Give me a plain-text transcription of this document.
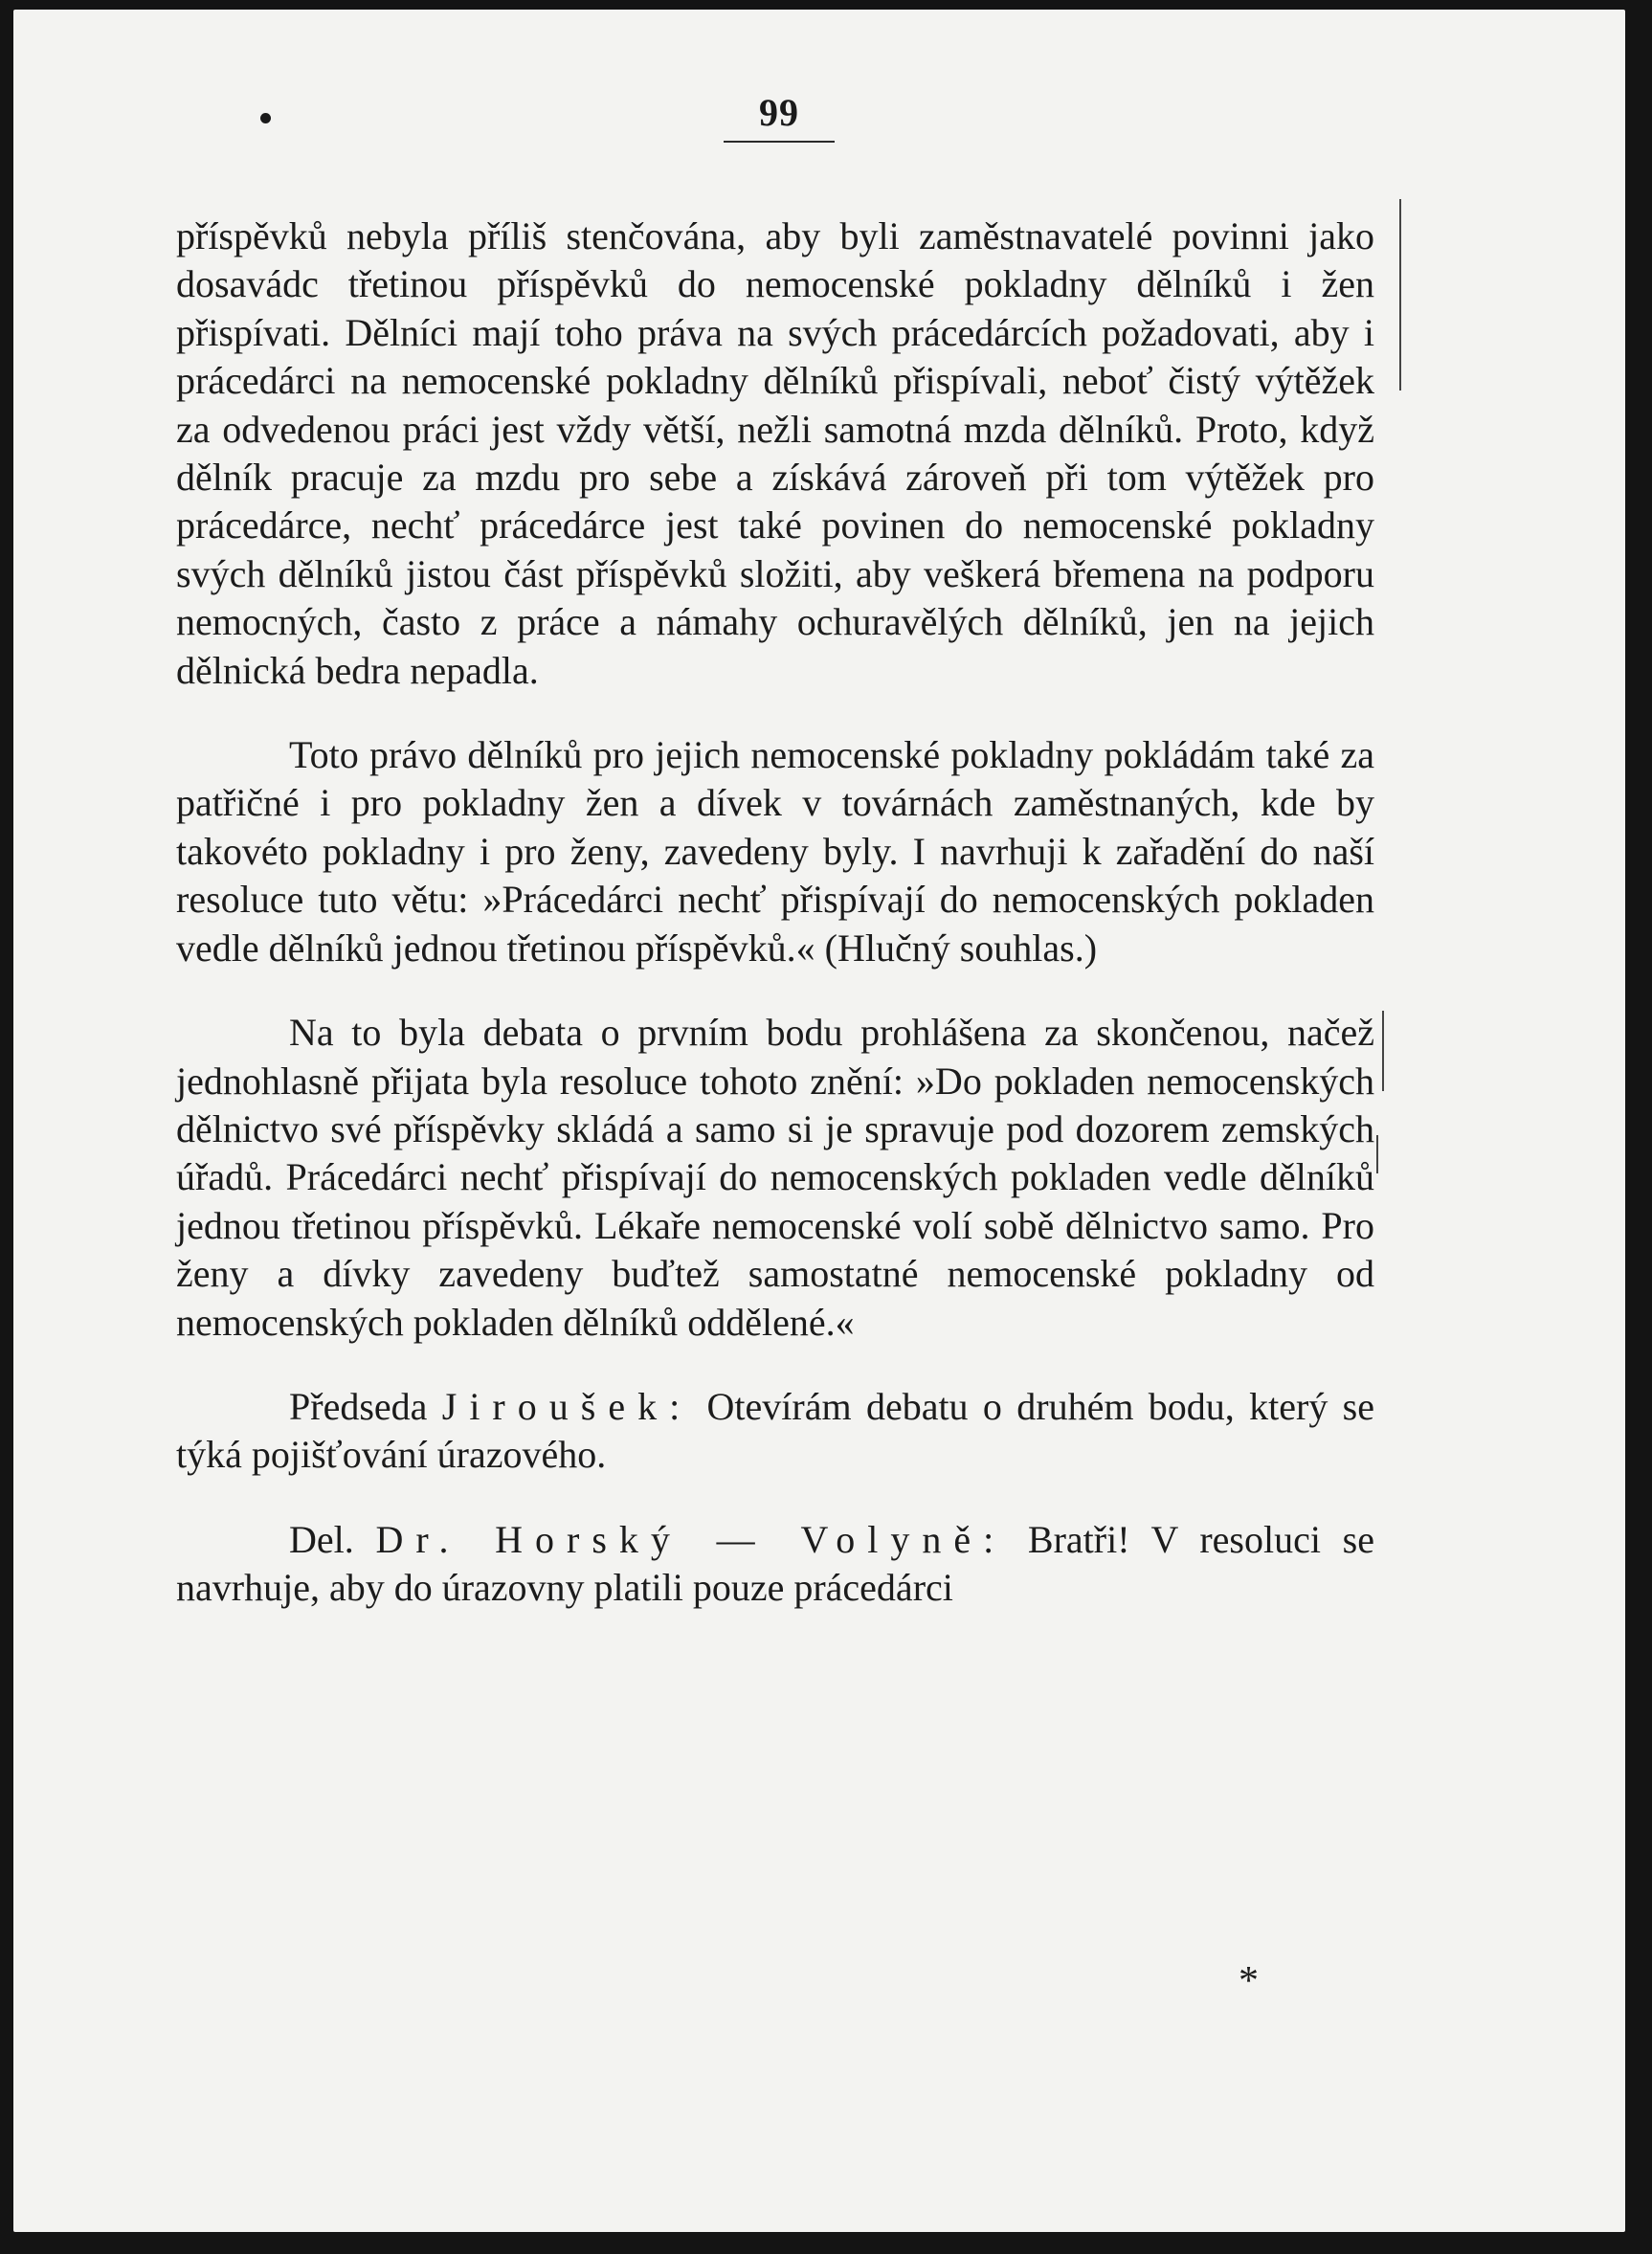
99

příspěvků nebyla příliš stenčována, aby byli zaměstnavatelé povinni jako dosavádc třetinou příspěvků do nemocenské pokladny dělníků i žen přispívati. Dělníci mají toho práva na svých prácedárcích požadovati, aby i prácedárci na nemocenské pokladny dělníků přispívali, neboť čistý výtěžek za odvedenou práci jest vždy větší, nežli samotná mzda dělníků. Proto, když dělník pracuje za mzdu pro sebe a získává zároveň při tom výtěžek pro prácedárce, nechť prácedárce jest také povinen do nemocenské pokladny svých dělníků jistou část příspěvků složiti, aby veškerá břemena na podporu nemocných, často z práce a námahy ochuravělých dělníků, jen na jejich dělnická bedra nepadla.

Toto právo dělníků pro jejich nemocenské pokladny pokládám také za patřičné i pro pokladny žen a dívek v továrnách zaměstnaných, kde by takovéto pokladny i pro ženy, zavedeny byly. I navrhuji k zařadění do naší resoluce tuto větu: »Prácedárci nechť přispívají do nemocenských pokladen vedle dělníků jednou třetinou příspěvků.« (Hlučný souhlas.)

Na to byla debata o prvním bodu prohlášena za skončenou, načež jednohlasně přijata byla resoluce tohoto znění: »Do pokladen nemocenských dělnictvo své příspěvky skládá a samo si je spravuje pod dozorem zemských úřadů. Prácedárci nechť přispívají do nemocenských pokladen vedle dělníků jednou třetinou příspěvků. Lékaře nemocenské volí sobě dělnictvo samo. Pro ženy a dívky zavedeny buďtež samostatné nemocenské pokladny od nemocenských pokladen dělníků oddělené.«

Předseda Jiroušek: Otevírám debatu o druhém bodu, který se týká pojišťování úrazového.

Del. Dr. Horský — Volyně: Bratři! V resoluci se navrhuje, aby do úrazovny platili pouze prácedárci

*
